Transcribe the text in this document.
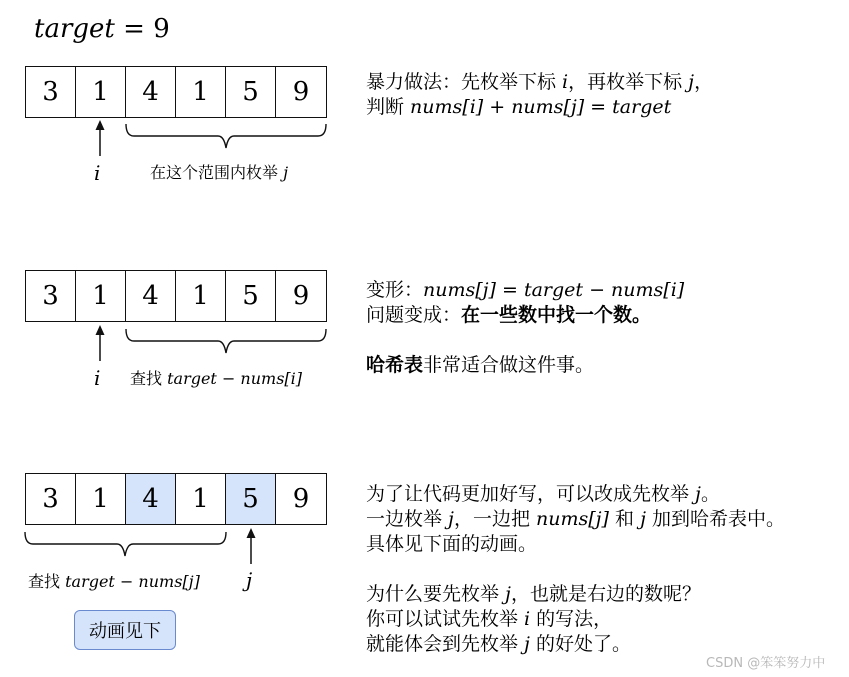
target = 9
3	1	4	1	5	9
i	在这个范围内枚举 j
暴力做法：先枚举下标 i，再枚举下标 j，
判断 nums[i] + nums[j] = target
3	1	4	1	5	9
i 查找 target − nums[i]
变形：nums[j] = target − nums[i]
问题变成：在一些数中找一个数。
哈希表非常适合做这件事。
3	1	4	1	5	9
查找 target − nums[j] j
为了让代码更加好写，可以改成先枚举 j。
一边枚举 j，一边把 nums[j] 和 j 加到哈希表中。
具体见下面的动画。
为什么要先枚举 j，也就是右边的数呢？
你可以试试先枚举 i 的写法，
就能体会到先枚举 j 的好处了。
动画见下
CSDN @笨笨努力中
